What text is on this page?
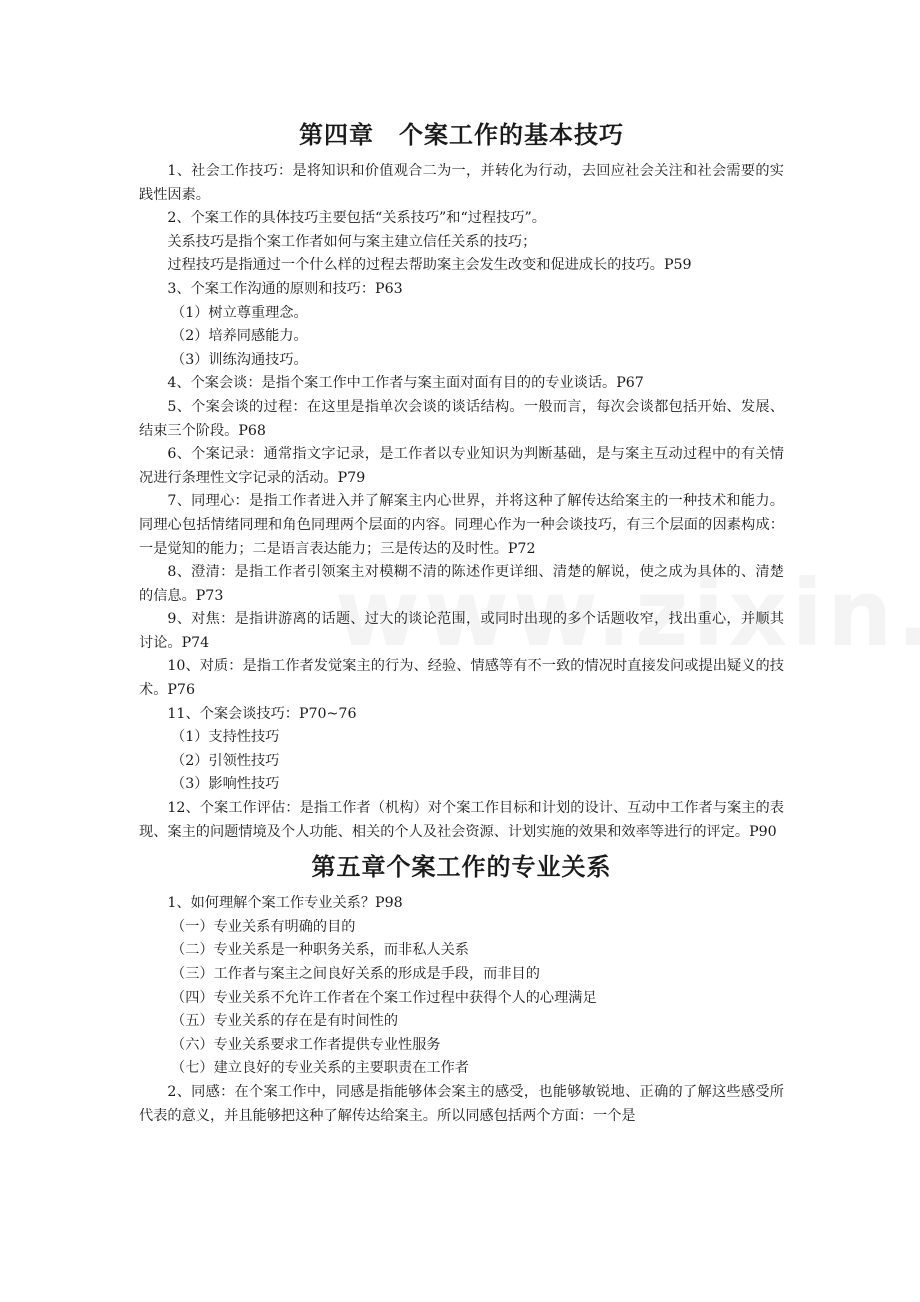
第四章　个案工作的基本技巧

1、社会工作技巧：是将知识和价值观合二为一，并转化为行动，去回应社会关注和社会需要的实践性因素。

2、个案工作的具体技巧主要包括“关系技巧”和“过程技巧”。

关系技巧是指个案工作者如何与案主建立信任关系的技巧；

过程技巧是指通过一个什么样的过程去帮助案主会发生改变和促进成长的技巧。P59

3、个案工作沟通的原则和技巧：P63

（1）树立尊重理念。

（2）培养同感能力。

（3）训练沟通技巧。

4、个案会谈：是指个案工作中工作者与案主面对面有目的的专业谈话。P67

5、个案会谈的过程：在这里是指单次会谈的谈话结构。一般而言，每次会谈都包括开始、发展、结束三个阶段。P68

6、个案记录：通常指文字记录，是工作者以专业知识为判断基础，是与案主互动过程中的有关情况进行条理性文字记录的活动。P79

7、同理心：是指工作者进入并了解案主内心世界，并将这种了解传达给案主的一种技术和能力。同理心包括情绪同理和角色同理两个层面的内容。同理心作为一种会谈技巧，有三个层面的因素构成：一是觉知的能力；二是语言表达能力；三是传达的及时性。P72

8、澄清：是指工作者引领案主对模糊不清的陈述作更详细、清楚的解说，使之成为具体的、清楚的信息。P73

9、对焦：是指讲游离的话题、过大的谈论范围，或同时出现的多个话题收窄，找出重心，并顺其讨论。P74

10、对质：是指工作者发觉案主的行为、经验、情感等有不一致的情况时直接发问或提出疑义的技术。P76

11、个案会谈技巧：P70~76

（1）支持性技巧

（2）引领性技巧

（3）影响性技巧

12、个案工作评估：是指工作者（机构）对个案工作目标和计划的设计、互动中工作者与案主的表现、案主的问题情境及个人功能、相关的个人及社会资源、计划实施的效果和效率等进行的评定。P90

第五章个案工作的专业关系

1、如何理解个案工作专业关系？P98

（一）专业关系有明确的目的

（二）专业关系是一种职务关系，而非私人关系

（三）工作者与案主之间良好关系的形成是手段，而非目的

（四）专业关系不允许工作者在个案工作过程中获得个人的心理满足

（五）专业关系的存在是有时间性的

（六）专业关系要求工作者提供专业性服务

（七）建立良好的专业关系的主要职责在工作者

2、同感：在个案工作中，同感是指能够体会案主的感受，也能够敏锐地、正确的了解这些感受所代表的意义，并且能够把这种了解传达给案主。所以同感包括两个方面：一个是
